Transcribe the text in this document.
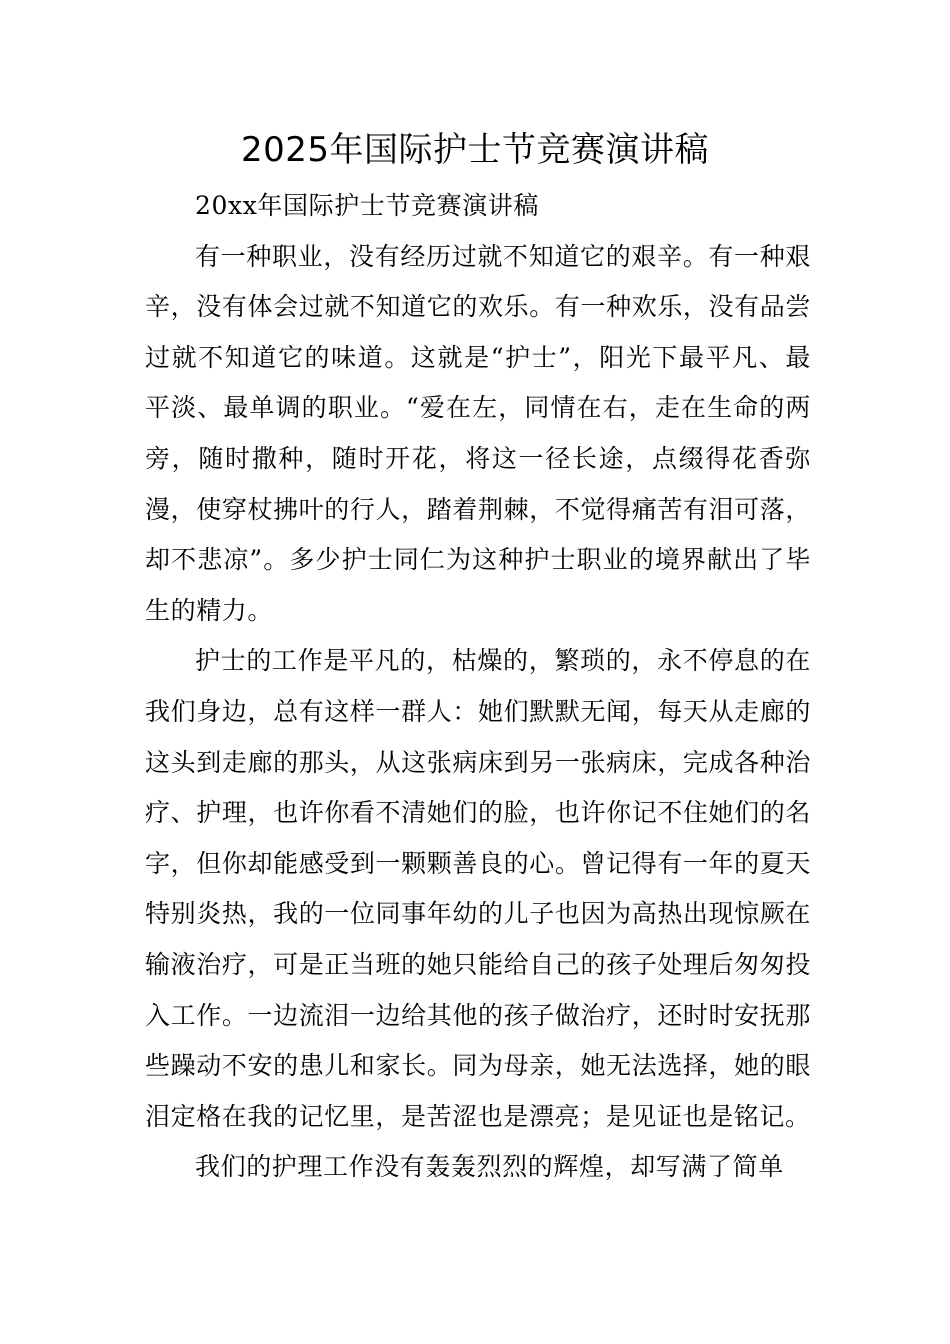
2025年国际护士节竞赛演讲稿

20xx年国际护士节竞赛演讲稿

有一种职业，没有经历过就不知道它的艰辛。有一种艰辛，没有体会过就不知道它的欢乐。有一种欢乐，没有品尝过就不知道它的味道。这就是“护士”，阳光下最平凡、最平淡、最单调的职业。“爱在左，同情在右，走在生命的两旁，随时撒种，随时开花，将这一径长途，点缀得花香弥漫，使穿杖拂叶的行人，踏着荆棘，不觉得痛苦有泪可落，却不悲凉”。多少护士同仁为这种护士职业的境界献出了毕生的精力。

护士的工作是平凡的，枯燥的，繁琐的，永不停息的在我们身边，总有这样一群人：她们默默无闻，每天从走廊的这头到走廊的那头，从这张病床到另一张病床，完成各种治疗、护理，也许你看不清她们的脸，也许你记不住她们的名字，但你却能感受到一颗颗善良的心。曾记得有一年的夏天特别炎热，我的一位同事年幼的儿子也因为高热出现惊厥在输液治疗，可是正当班的她只能给自己的孩子处理后匆匆投入工作。一边流泪一边给其他的孩子做治疗，还时时安抚那些躁动不安的患儿和家长。同为母亲，她无法选择，她的眼泪定格在我的记忆里，是苦涩也是漂亮；是见证也是铭记。

我们的护理工作没有轰轰烈烈的辉煌，却写满了简单
